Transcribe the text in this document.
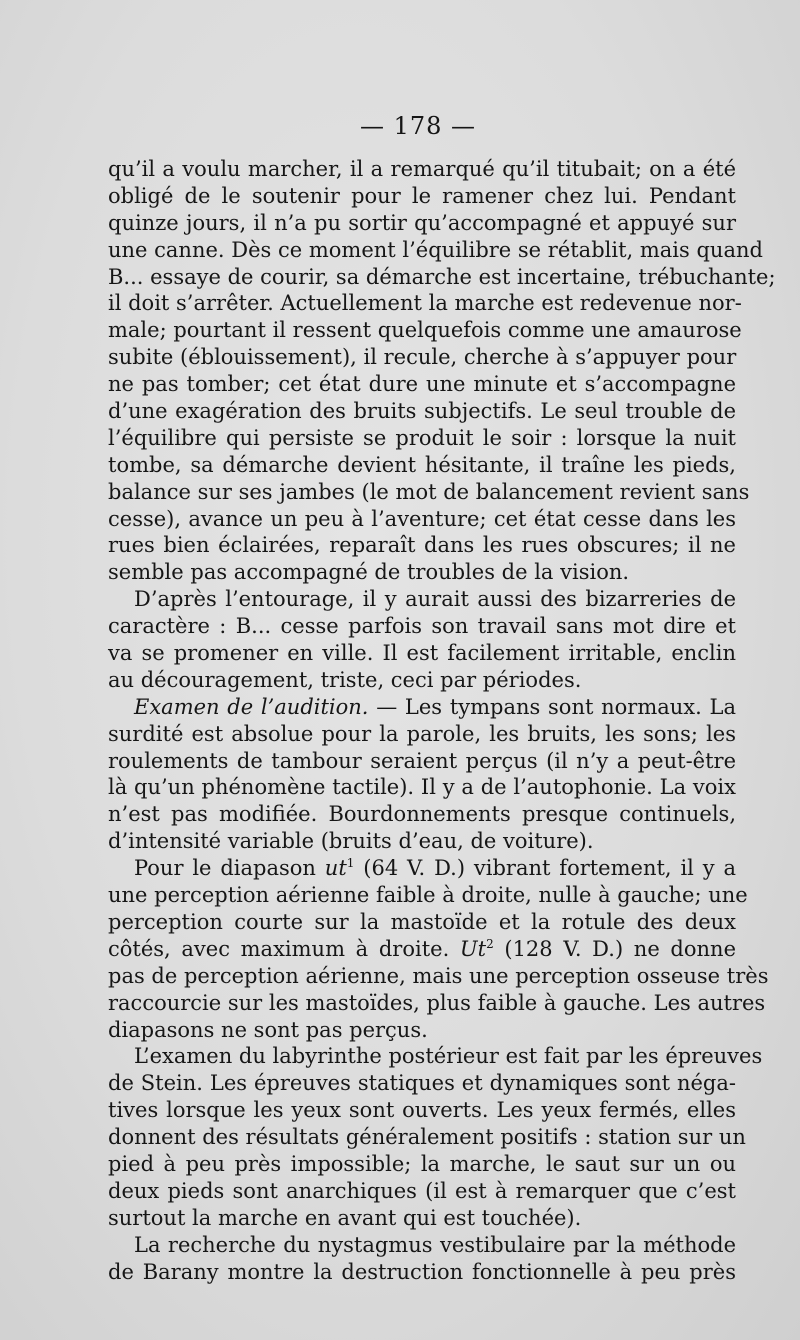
— 178 —
qu’il a voulu marcher, il a remarqué qu’il titubait; on a été
obligé de le soutenir pour le ramener chez lui. Pendant
quinze jours, il n’a pu sortir qu’accompagné et appuyé sur
une canne. Dès ce moment l’équilibre se rétablit, mais quand
B... essaye de courir, sa démarche est incertaine, trébuchante;
il doit s’arrêter. Actuellement la marche est redevenue nor-
male; pourtant il ressent quelquefois comme une amaurose
subite (éblouissement), il recule, cherche à s’appuyer pour
ne pas tomber; cet état dure une minute et s’accompagne
d’une exagération des bruits subjectifs. Le seul trouble de
l’équilibre qui persiste se produit le soir : lorsque la nuit
tombe, sa démarche devient hésitante, il traîne les pieds,
balance sur ses jambes (le mot de balancement revient sans
cesse), avance un peu à l’aventure; cet état cesse dans les
rues bien éclairées, reparaît dans les rues obscures; il ne
semble pas accompagné de troubles de la vision.
D’après l’entourage, il y aurait aussi des bizarreries de
caractère : B... cesse parfois son travail sans mot dire et
va se promener en ville. Il est facilement irritable, enclin
au découragement, triste, ceci par périodes.
Examen de l’audition. — Les tympans sont normaux. La
surdité est absolue pour la parole, les bruits, les sons; les
roulements de tambour seraient perçus (il n’y a peut-être
là qu’un phénomène tactile). Il y a de l’autophonie. La voix
n’est pas modifiée. Bourdonnements presque continuels,
d’intensité variable (bruits d’eau, de voiture).
Pour le diapason $ut^1$ (64 V. D.) vibrant fortement, il y a
une perception aérienne faible à droite, nulle à gauche; une
perception courte sur la mastoïde et la rotule des deux
côtés, avec maximum à droite. Ut$^2$ (128 V. D.) ne donne
pas de perception aérienne, mais une perception osseuse très
raccourcie sur les mastoïdes, plus faible à gauche. Les autres
diapasons ne sont pas perçus.
L’examen du labyrinthe postérieur est fait par les épreuves
de Stein. Les épreuves statiques et dynamiques sont néga-
tives lorsque les yeux sont ouverts. Les yeux fermés, elles
donnent des résultats généralement positifs : station sur un
pied à peu près impossible; la marche, le saut sur un ou
deux pieds sont anarchiques (il est à remarquer que c’est
surtout la marche en avant qui est touchée).
La recherche du nystagmus vestibulaire par la méthode
de Barany montre la destruction fonctionnelle à peu près
